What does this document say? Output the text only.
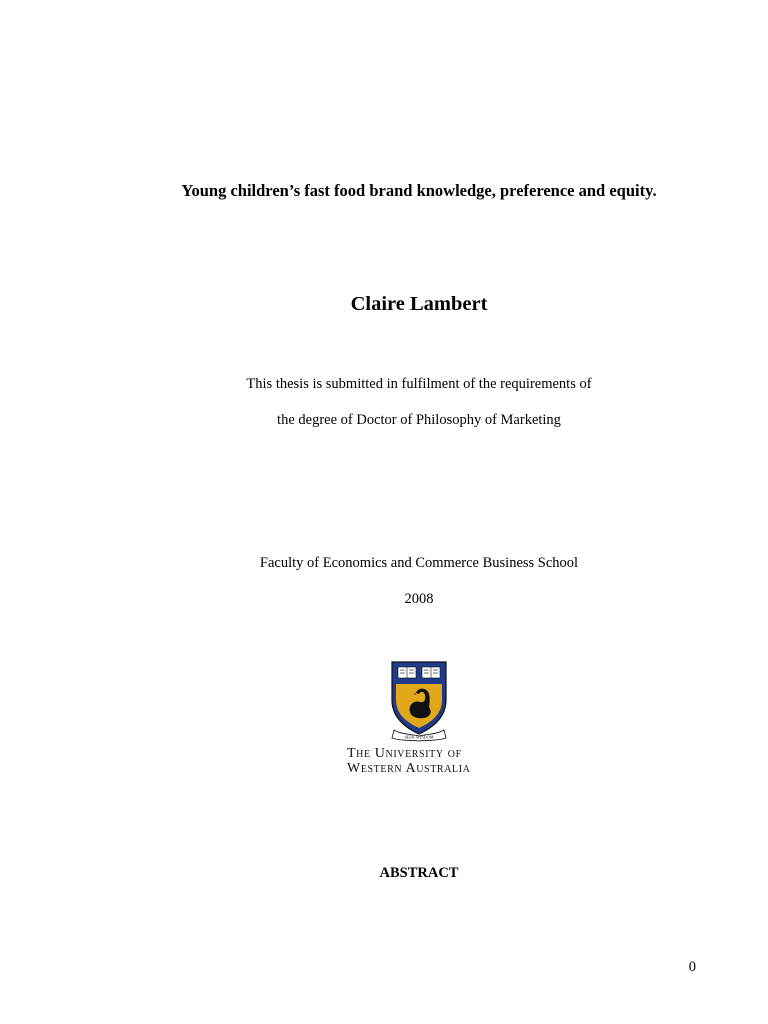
Young children’s fast food brand knowledge, preference and equity.
Claire Lambert
This thesis is submitted in fulfilment of the requirements of
the degree of Doctor of Philosophy of Marketing
Faculty of Economics and Commerce Business School
2008
SEEK WISDOM
The University of
Western Australia
ABSTRACT
0
